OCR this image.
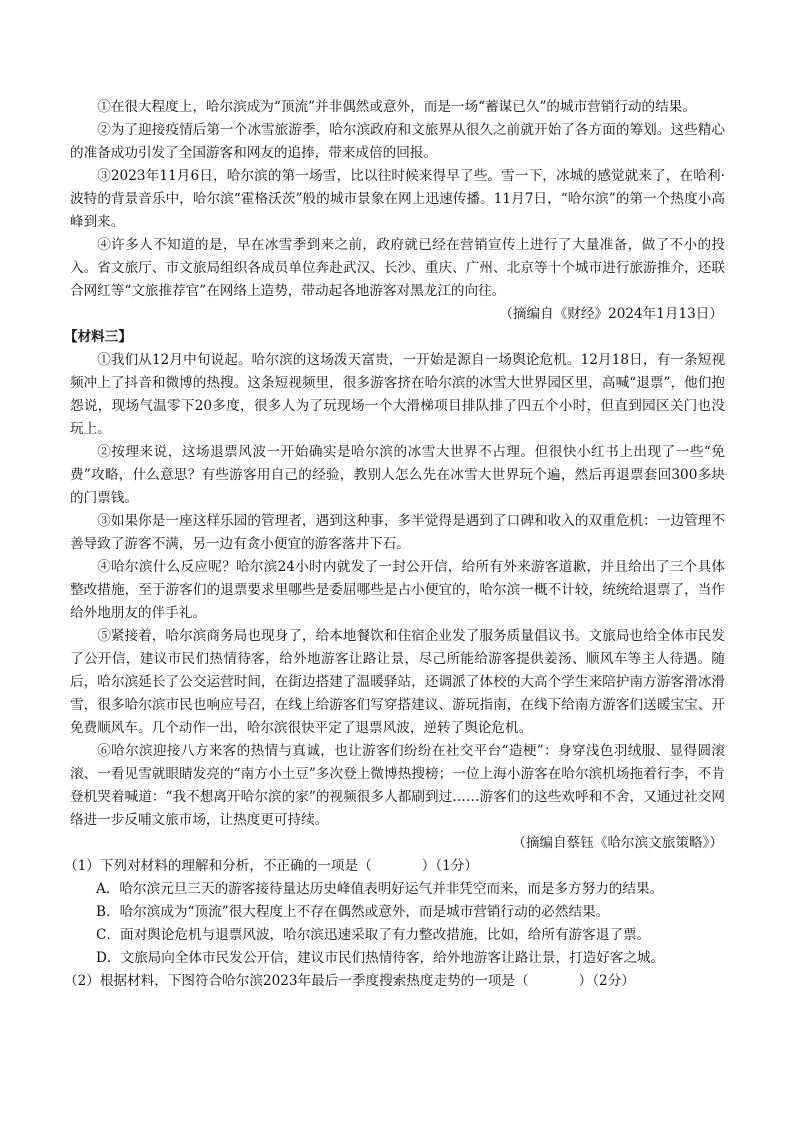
①在很大程度上，哈尔滨成为“顶流”并非偶然或意外，而是一场“蓄谋已久”的城市营销行动的结果。

②为了迎接疫情后第一个冰雪旅游季，哈尔滨政府和文旅界从很久之前就开始了各方面的筹划。这些精心的准备成功引发了全国游客和网友的追捧，带来成倍的回报。

③2023年11月6日，哈尔滨的第一场雪，比以往时候来得早了些。雪一下，冰城的感觉就来了，在哈利·波特的背景音乐中，哈尔滨“霍格沃茨”般的城市景象在网上迅速传播。11月7日，“哈尔滨”的第一个热度小高峰到来。

④许多人不知道的是，早在冰雪季到来之前，政府就已经在营销宣传上进行了大量准备，做了不小的投入。省文旅厅、市文旅局组织各成员单位奔赴武汉、长沙、重庆、广州、北京等十个城市进行旅游推介，还联合网红等“文旅推荐官”在网络上造势，带动起各地游客对黑龙江的向往。

（摘编自《财经》2024年1月13日）

【材料三】

①我们从12月中旬说起。哈尔滨的这场泼天富贵，一开始是源自一场舆论危机。12月18日，有一条短视频冲上了抖音和微博的热搜。这条短视频里，很多游客挤在哈尔滨的冰雪大世界园区里，高喊“退票”，他们抱怨说，现场气温零下20多度，很多人为了玩现场一个大滑梯项目排队排了四五个小时，但直到园区关门也没玩上。

②按理来说，这场退票风波一开始确实是哈尔滨的冰雪大世界不占理。但很快小红书上出现了一些“免费”攻略，什么意思？有些游客用自己的经验，教别人怎么先在冰雪大世界玩个遍，然后再退票套回300多块的门票钱。

③如果你是一座这样乐园的管理者，遇到这种事，多半觉得是遇到了口碑和收入的双重危机：一边管理不善导致了游客不满，另一边有贪小便宜的游客落井下石。

④哈尔滨什么反应呢？哈尔滨24小时内就发了一封公开信，给所有外来游客道歉，并且给出了三个具体整改措施，至于游客们的退票要求里哪些是委屈哪些是占小便宜的，哈尔滨一概不计较，统统给退票了，当作给外地朋友的伴手礼。

⑤紧接着，哈尔滨商务局也现身了，给本地餐饮和住宿企业发了服务质量倡议书。文旅局也给全体市民发了公开信，建议市民们热情待客，给外地游客让路让景，尽己所能给游客提供姜汤、顺风车等主人待遇。随后，哈尔滨延长了公交运营时间，在街边搭建了温暖驿站，还调派了体校的大高个学生来陪护南方游客滑冰滑雪，很多哈尔滨市民也响应号召，在线上给游客们写穿搭建议、游玩指南，在线下给南方游客们送暖宝宝、开免费顺风车。几个动作一出，哈尔滨很快平定了退票风波，逆转了舆论危机。

⑥哈尔滨迎接八方来客的热情与真诚，也让游客们纷纷在社交平台“造梗”：身穿浅色羽绒服、显得圆滚滚、一看见雪就眼睛发亮的“南方小土豆”多次登上微博热搜榜；一位上海小游客在哈尔滨机场拖着行李，不肯登机哭着喊道：“我不想离开哈尔滨的家”的视频很多人都刷到过……游客们的这些欢呼和不舍，又通过社交网络进一步反哺文旅市场，让热度更可持续。

（摘编自蔡钰《哈尔滨文旅策略》）

（1）下列对材料的理解和分析，不正确的一项是（	）（1分）

A．哈尔滨元旦三天的游客接待量达历史峰值表明好运气并非凭空而来，而是多方努力的结果。

B．哈尔滨成为“顶流”很大程度上不存在偶然或意外，而是城市营销行动的必然结果。

C．面对舆论危机与退票风波，哈尔滨迅速采取了有力整改措施，比如，给所有游客退了票。

D．文旅局向全体市民发公开信，建议市民们热情待客，给外地游客让路让景，打造好客之城。

（2）根据材料，下图符合哈尔滨2023年最后一季度搜索热度走势的一项是（	）（2分）
